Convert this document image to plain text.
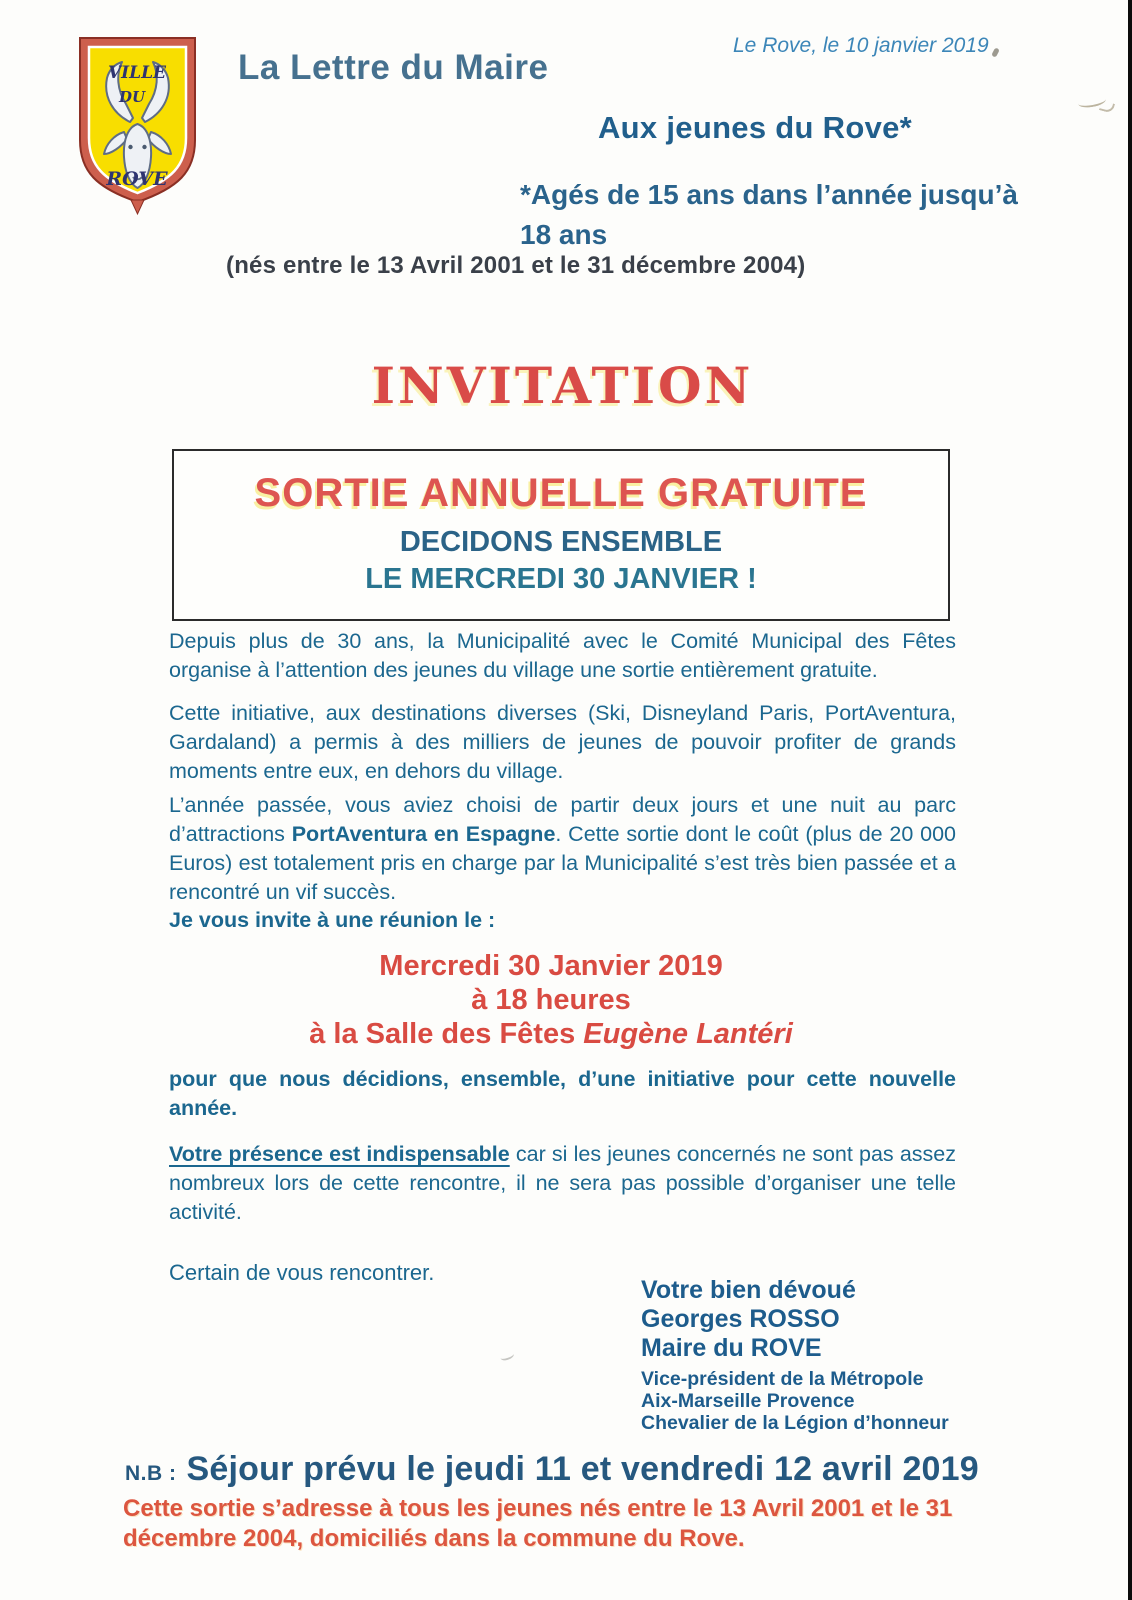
VILLE
DU
ROVE
La Lettre du Maire
Le Rove, le 10 janvier 2019
Aux jeunes du Rove*
*Agés de 15 ans dans l’année jusqu’à
18 ans
(nés entre le 13 Avril 2001 et le 31 décembre 2004)
INVITATION
SORTIE ANNUELLE GRATUITE
DECIDONS ENSEMBLE
LE MERCREDI 30 JANVIER !

Depuis plus de 30 ans, la Municipalité avec le Comité Municipal des Fêtes organise à l’attention des jeunes du village une sortie entièrement gratuite.

Cette initiative, aux destinations diverses (Ski, Disneyland Paris, PortAventura, Gardaland) a permis à des milliers de jeunes de pouvoir profiter de grands moments entre eux, en dehors du village.

L’année passée, vous aviez choisi de partir deux jours et une nuit au parc d’attractions PortAventura en Espagne. Cette sortie dont le coût (plus de 20 000 Euros) est totalement pris en charge par la Municipalité s’est très bien passée et a rencontré un vif succès.

Je vous invite à une réunion le :

Mercredi 30 Janvier 2019
à 18 heures
à la Salle des Fêtes Eugène Lantéri

pour que nous décidions, ensemble, d’une initiative pour cette nouvelle année.

Votre présence est indispensable car si les jeunes concernés ne sont pas assez nombreux lors de cette rencontre, il ne sera pas possible d’organiser une telle activité.

Certain de vous rencontrer.

Votre bien dévoué
Georges ROSSO
Maire du ROVE
Vice-président de la Métropole
Aix-Marseille Provence
Chevalier de la Légion d’honneur
N.B : Séjour prévu le jeudi 11 et vendredi 12 avril 2019
Cette sortie s’adresse à tous les jeunes nés entre le 13 Avril 2001 et le 31
décembre 2004, domiciliés dans la commune du Rove.
